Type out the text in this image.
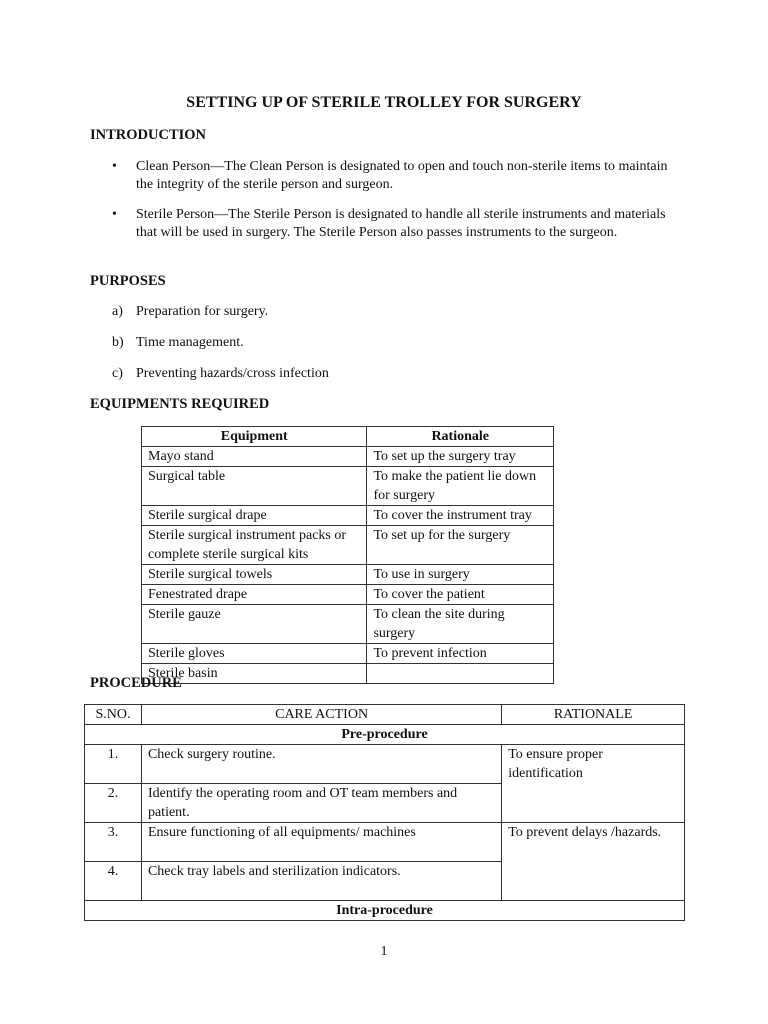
SETTING UP OF STERILE TROLLEY FOR SURGERY
INTRODUCTION
• Clean Person—The Clean Person is designated to open and touch non-sterile items to maintain the integrity of the sterile person and surgeon.
• Sterile Person—The Sterile Person is designated to handle all sterile instruments and materials that will be used in surgery. The Sterile Person also passes instruments to the surgeon.
PURPOSES
a) Preparation for surgery.
b) Time management.
c) Preventing hazards/cross infection
EQUIPMENTS REQUIRED
Equipment	Rationale
Mayo stand	To set up the surgery tray
Surgical table	To make the patient lie down for surgery
Sterile surgical drape	To cover the instrument tray
Sterile surgical instrument packs or complete sterile surgical kits	To set up for the surgery
Sterile surgical towels	To use in surgery
Fenestrated drape	To cover the patient
Sterile gauze	To clean the site during surgery
Sterile gloves	To prevent infection
Sterile basin	
PROCEDURE
S.NO.	CARE ACTION	RATIONALE
Pre-procedure		
1.	Check surgery routine.	To ensure proper identification
2.	Identify the operating room and OT team members and patient.	
3.	Ensure functioning of all equipments/ machines	To prevent delays /hazards.
4.	Check tray labels and sterilization indicators.	
Intra-procedure		
1
